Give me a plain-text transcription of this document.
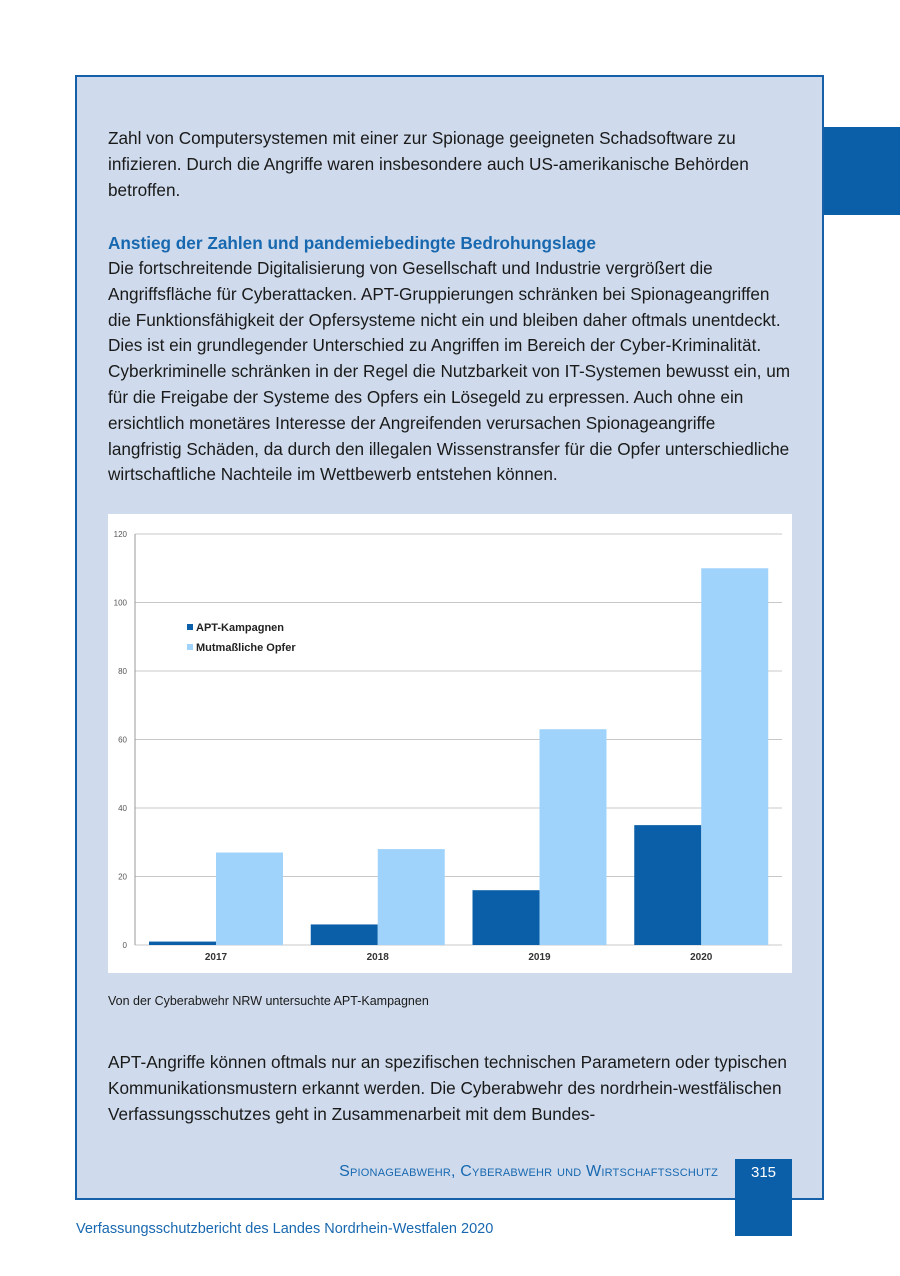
Zahl von Computersystemen mit einer zur Spionage geeigneten Schadsoftware zu infizieren. Durch die Angriffe waren insbesondere auch US-amerikanische Behörden betroffen.

Anstieg der Zahlen und pandemiebedingte Bedrohungslage

Die fortschreitende Digitalisierung von Gesellschaft und Industrie vergrößert die Angriffsfläche für Cyberattacken. APT-Gruppierungen schränken bei Spionageangriffen die Funktionsfähigkeit der Opfersysteme nicht ein und bleiben daher oftmals unentdeckt. Dies ist ein grundlegender Unterschied zu Angriffen im Bereich der Cyber-Kriminalität. Cyberkriminelle schränken in der Regel die Nutzbarkeit von IT-Systemen bewusst ein, um für die Freigabe der Systeme des Opfers ein Lösegeld zu erpressen. Auch ohne ein ersichtlich monetäres Interesse der Angreifenden verursachen Spionageangriffe langfristig Schäden, da durch den illegalen Wissenstransfer für die Opfer unterschiedliche wirtschaftliche Nachteile im Wettbewerb entstehen können.

0
20
40
60
80
100
120
2017	2018	2019	2020
APT-Kampagnen
Mutmaßliche Opfer

Von der Cyberabwehr NRW untersuchte APT-Kampagnen

APT-Angriffe können oftmals nur an spezifischen technischen Parametern oder typischen Kommunikationsmustern erkannt werden. Die Cyberabwehr des nordrhein-westfälischen Verfassungsschutzes geht in Zusammenarbeit mit dem Bundes-

Spionageabwehr, Cyberabwehr und Wirtschaftsschutz	315
Verfassungsschutzbericht des Landes Nordrhein-Westfalen 2020
